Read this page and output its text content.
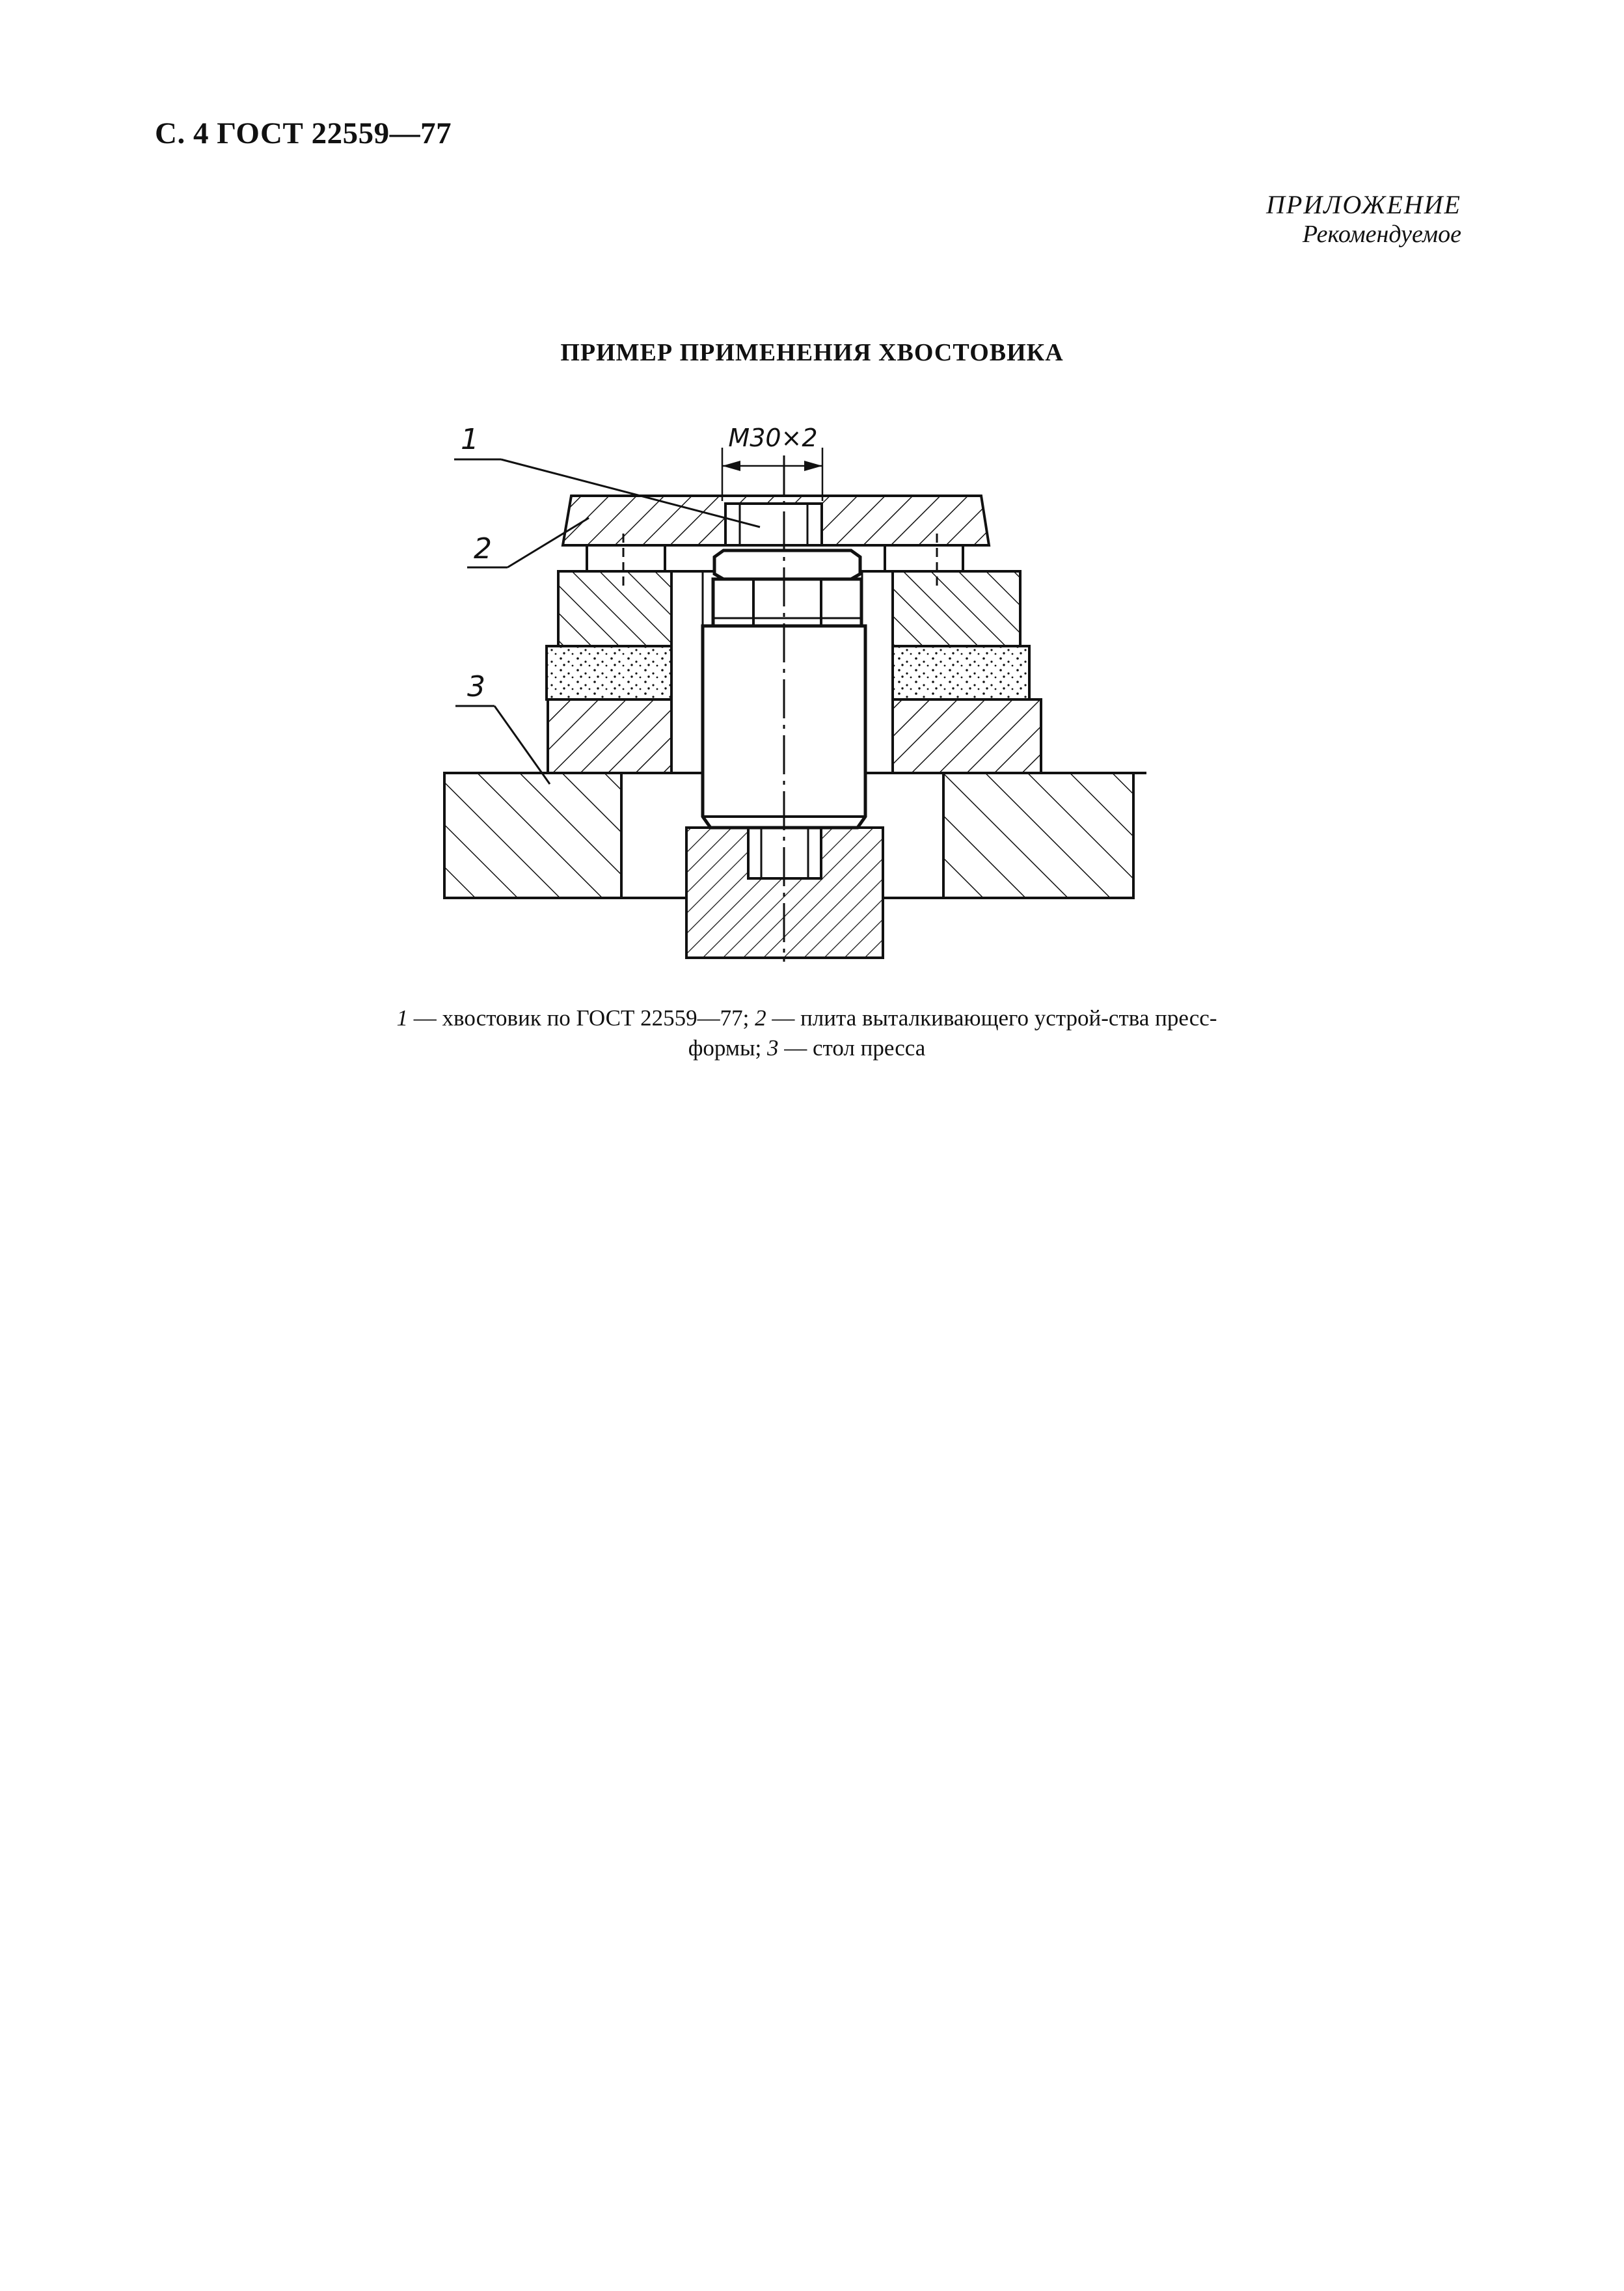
С. 4 ГОСТ 22559—77
ПРИЛОЖЕНИЕ
Рекомендуемое
ПРИМЕР ПРИМЕНЕНИЯ ХВОСТОВИКА
М30×2
1
2
3
1 — хвостовик по ГОСТ 22559—77; 2 — плита выталкивающего устрой-ства пресс-формы; 3 — стол пресса
